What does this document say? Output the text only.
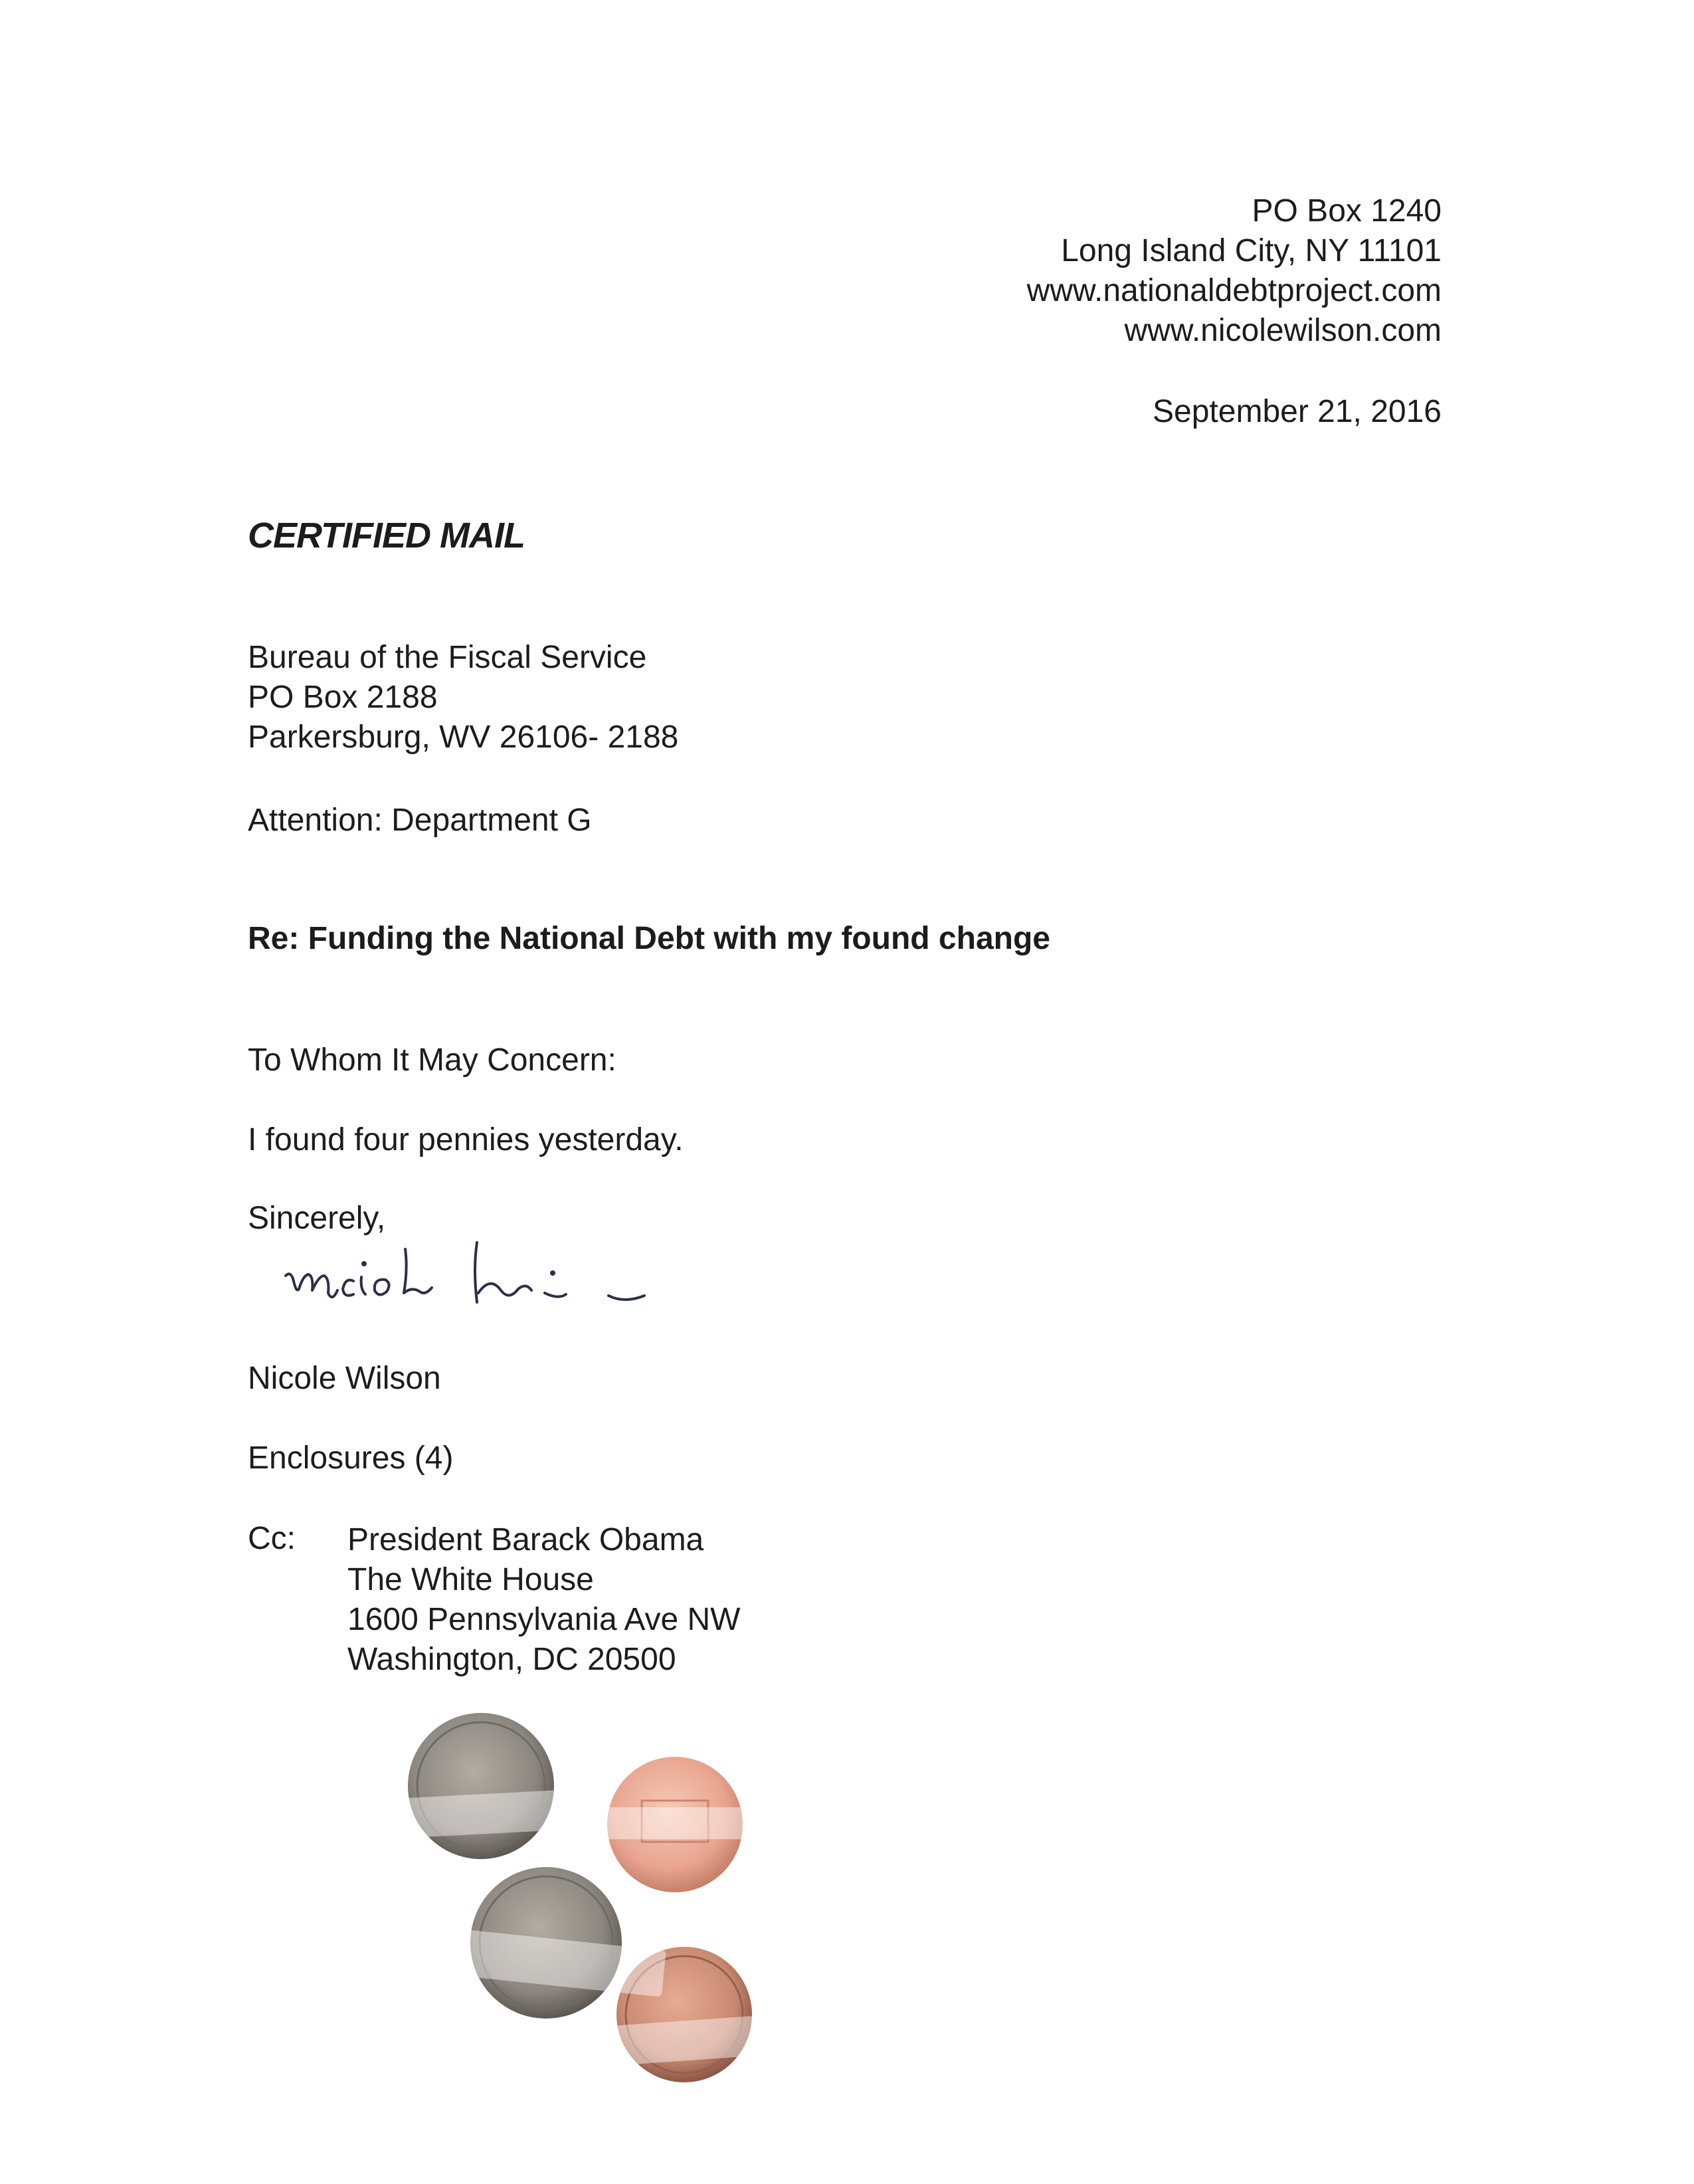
PO Box 1240
Long Island City, NY 11101
www.nationaldebtproject.com
www.nicolewilson.com
September 21, 2016
CERTIFIED MAIL
Bureau of the Fiscal Service
PO Box 2188
Parkersburg, WV 26106- 2188
Attention: Department G
Re: Funding the National Debt with my found change
To Whom It May Concern:
I found four pennies yesterday.
Sincerely,
Nicole Wilson
Enclosures (4)
Cc: President Barack Obama
The White House
1600 Pennsylvania Ave NW
Washington, DC 20500
